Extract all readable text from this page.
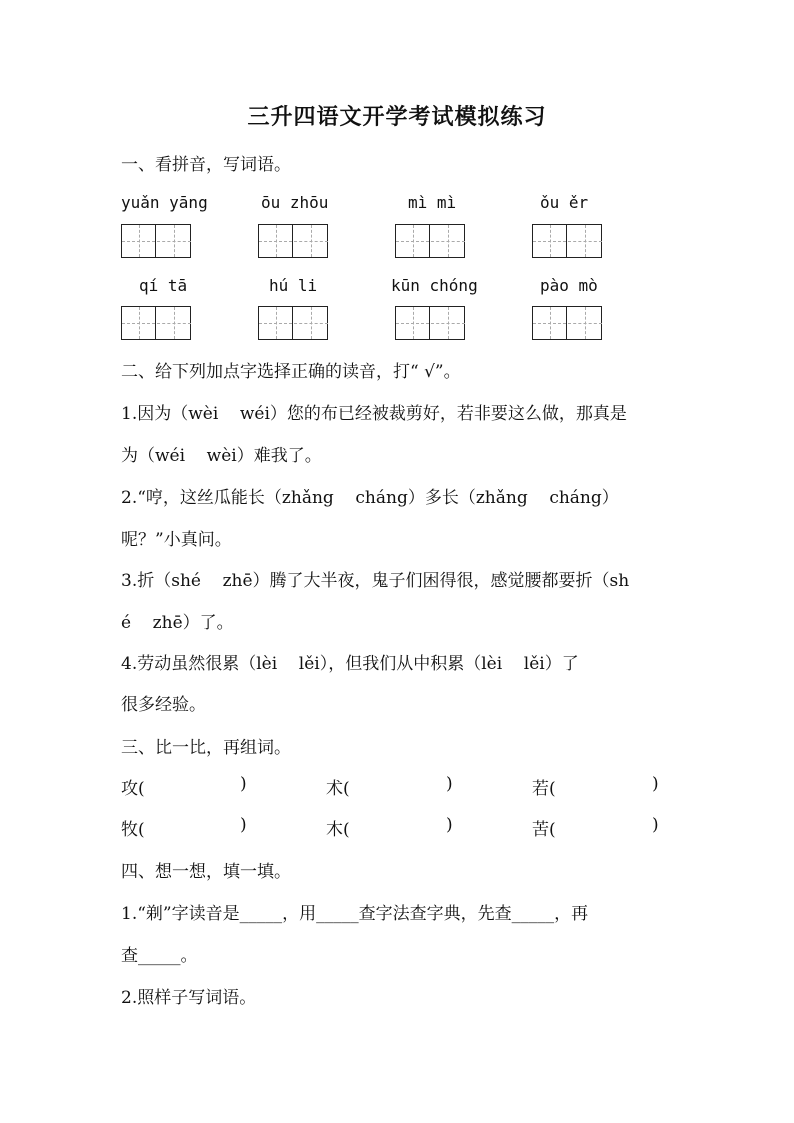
三升四语文开学考试模拟练习
一、看拼音，写词语。
yuǎn yāng	ōu zhōu	mì mì	ǒu ěr
qí tā	hú li	kūn chóng	pào mò
二、给下列加点字选择正确的读音，打“ √”。
1.因为（wèi    wéi）您的布已经被裁剪好，若非要这么做，那真是
为（wéi    wèi）难我了。
2.“哼，这丝瓜能长（zhǎng    cháng）多长（zhǎng    cháng）
呢？”小真问。
3.折（shé    zhē）腾了大半夜，鬼子们困得很，感觉腰都要折（sh
é    zhē）了。
4.劳动虽然很累（lèi    lěi），但我们从中积累（lèi    lěi）了
很多经验。
三、比一比，再组词。
攻(	)	术(	)	若(	)
牧(	)	木(	)	苦(	)
四、想一想，填一填。
1.“剃”字读音是_____，用_____查字法查字典，先查_____，再
查_____。
2.照样子写词语。
